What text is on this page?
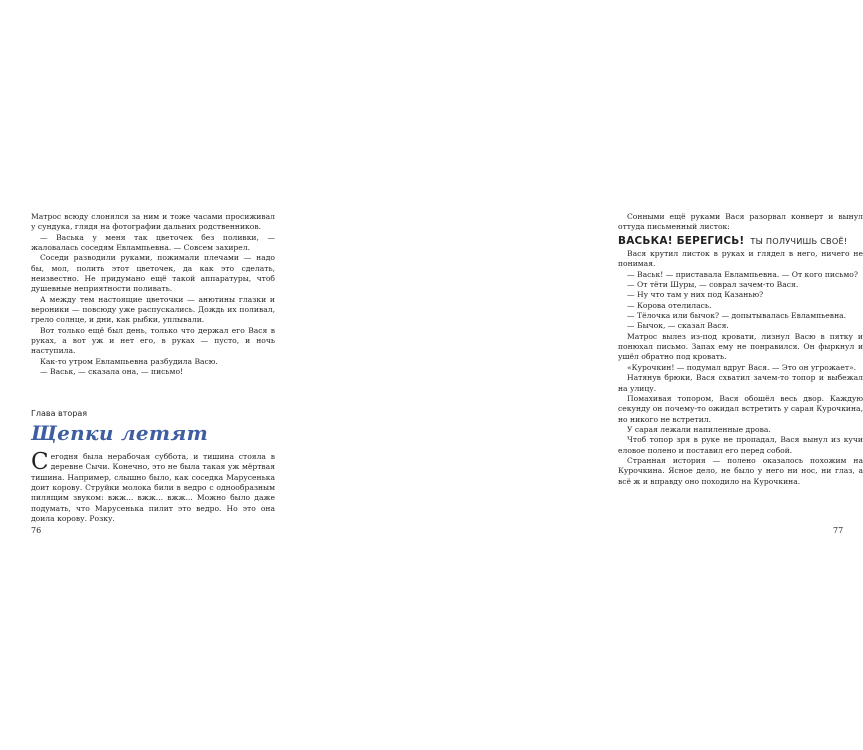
Матрос всюду слонялся за ним и тоже часами просиживал у сундука, глядя на фотографии дальних родственников.

— Васька у меня так цветочек без поливки, — жаловалась соседям Евлампьевна. — Совсем захирел.

Соседи разводили руками, пожимали плечами — надо бы, мол, полить этот цветочек, да как это сделать, неизвестно. Не придумано ещё такой аппаратуры, чтоб душевные неприятности поливать.

А между тем настоящие цветочки — анютины глазки и вероники — повсюду уже распускались. Дождь их поливал, грело солнце, и дни, как рыбки, уплывали.

Вот только ещё был день, только что держал его Вася в руках, а вот уж и нет его, в руках — пусто, и ночь наступила.

Как-то утром Евлампьевна разбудила Васю.

— Васьк, — сказала она, — письмо!

Глава вторая
Щепки летят

Сегодня была нерабочая суббота, и тишина стояла в деревне Сычи. Конечно, это не была такая уж мёртвая тишина. Например, слышно было, как соседка Марусенька доит корову. Струйки молока били в ведро с однообразным пилящим звуком: вжж... вжж... вжж... Можно было даже подумать, что Марусенька пилит это ведро. Но это она доила корову. Розку.

76

Сонными ещё руками Вася разорвал конверт и вынул оттуда письменный листок:

ВАСЬКА! БЕРЕГИСЬ! ТЫ ПОЛУЧИШЬ СВОЁ!

Вася крутил листок в руках и глядел в него, ничего не понимая.

— Васьк! — приставала Евлампьевна. — От кого письмо?

— От тёти Шуры, — соврал зачем-то Вася.

— Ну что там у них под Казанью?

— Корова отелилась.

— Тёлочка или бычок? — допытывалась Евлампьевна.

— Бычок, — сказал Вася.

Матрос вылез из-под кровати, лизнул Васю в пятку и понюхал письмо. Запах ему не понравился. Он фыркнул и ушёл обратно под кровать.

«Курочкин! — подумал вдруг Вася. — Это он угрожает».

Натянув брюки, Вася схватил зачем-то топор и выбежал на улицу.

Помахивая топором, Вася обошёл весь двор. Каждую секунду он почему-то ожидал встретить у сарая Курочкина, но никого не встретил.

У сарая лежали напиленные дрова.

Чтоб топор зря в руке не пропадал, Вася вынул из кучи еловое полено и поставил его перед собой.

Странная история — полено оказалось похожим на Курочкина. Ясное дело, не было у него ни нос, ни глаз, а всё ж и вправду оно походило на Курочкина.

77
